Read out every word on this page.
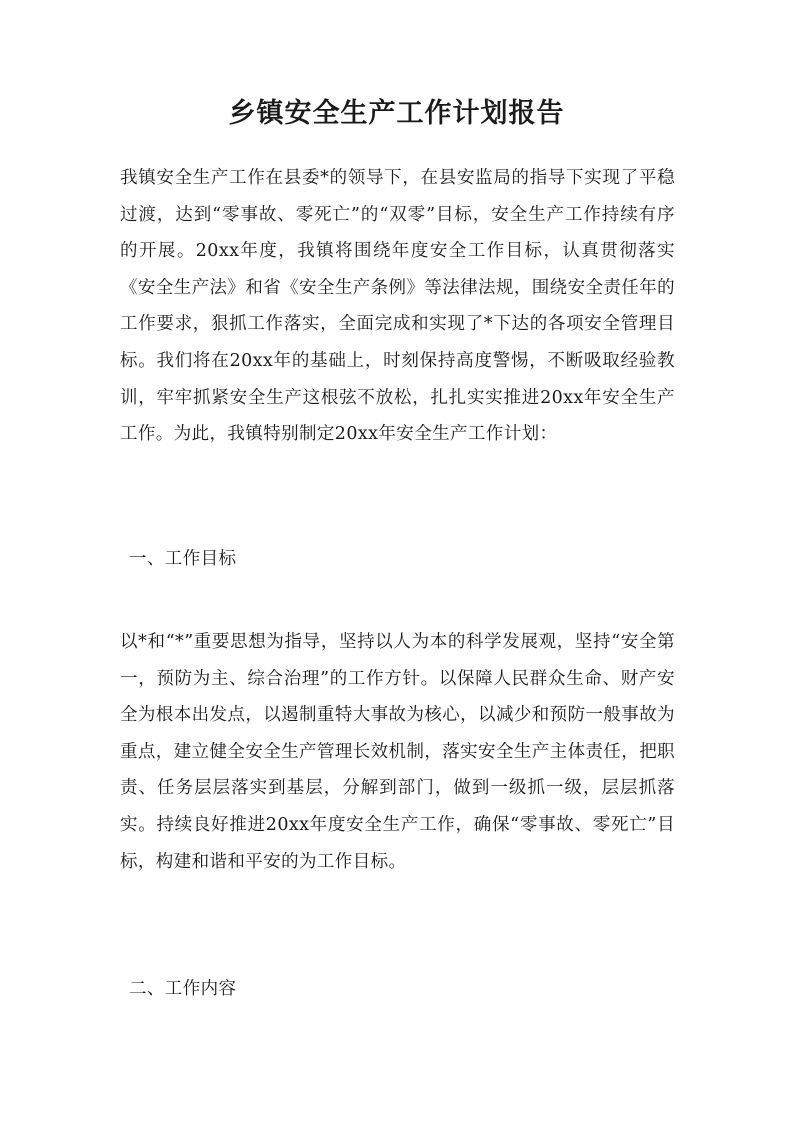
乡镇安全生产工作计划报告

我镇安全生产工作在县委*的领导下，在县安监局的指导下实现了平稳过渡，达到“零事故、零死亡”的“双零”目标，安全生产工作持续有序的开展。20xx年度，我镇将围绕年度安全工作目标，认真贯彻落实《安全生产法》和省《安全生产条例》等法律法规，围绕安全责任年的工作要求，狠抓工作落实，全面完成和实现了*下达的各项安全管理目标。我们将在20xx年的基础上，时刻保持高度警惕，不断吸取经验教训，牢牢抓紧安全生产这根弦不放松，扎扎实实推进20xx年安全生产工作。为此，我镇特别制定20xx年安全生产工作计划：

一、工作目标

以*和“*”重要思想为指导，坚持以人为本的科学发展观，坚持“安全第一，预防为主、综合治理”的工作方针。以保障人民群众生命、财产安全为根本出发点，以遏制重特大事故为核心，以减少和预防一般事故为重点，建立健全安全生产管理长效机制，落实安全生产主体责任，把职责、任务层层落实到基层，分解到部门，做到一级抓一级，层层抓落实。持续良好推进20xx年度安全生产工作，确保“零事故、零死亡”目标，构建和谐和平安的为工作目标。

二、工作内容
